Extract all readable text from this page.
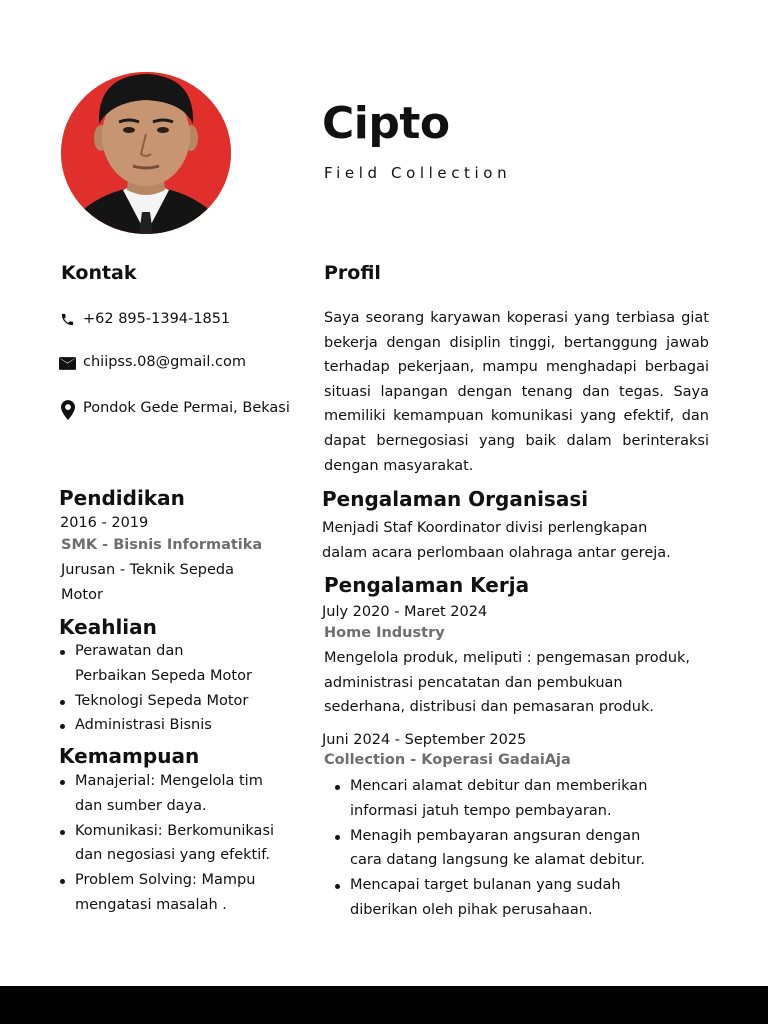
Cipto
Field Collection
Kontak
+62 895-1394-1851
chiipss.08@gmail.com
Pondok Gede Permai, Bekasi
Pendidikan
2016 - 2019
SMK - Bisnis Informatika
Jurusan - Teknik Sepeda
Motor
Keahlian
Perawatan dan
Perbaikan Sepeda Motor
Teknologi Sepeda Motor
Administrasi Bisnis
Kemampuan
Manajerial: Mengelola tim
dan sumber daya.
Komunikasi: Berkomunikasi
dan negosiasi yang efektif.
Problem Solving: Mampu
mengatasi masalah .
Profil
Saya seorang karyawan koperasi yang terbiasa giat bekerja dengan disiplin tinggi, bertanggung jawab terhadap pekerjaan, mampu menghadapi berbagai situasi lapangan dengan tenang dan tegas. Saya memiliki kemampuan komunikasi yang efektif, dan dapat bernegosiasi yang baik dalam berinteraksi dengan masyarakat.
Pengalaman Organisasi
Menjadi Staf Koordinator divisi perlengkapan
dalam acara perlombaan olahraga antar gereja.
Pengalaman Kerja
July 2020 - Maret 2024
Home Industry
Mengelola produk, meliputi : pengemasan produk,
administrasi pencatatan dan pembukuan
sederhana, distribusi dan pemasaran produk.
Juni 2024 - September 2025
Collection - Koperasi GadaiAja
Mencari alamat debitur dan memberikan
informasi jatuh tempo pembayaran.
Menagih pembayaran angsuran dengan
cara datang langsung ke alamat debitur.
Mencapai target bulanan yang sudah
diberikan oleh pihak perusahaan.
